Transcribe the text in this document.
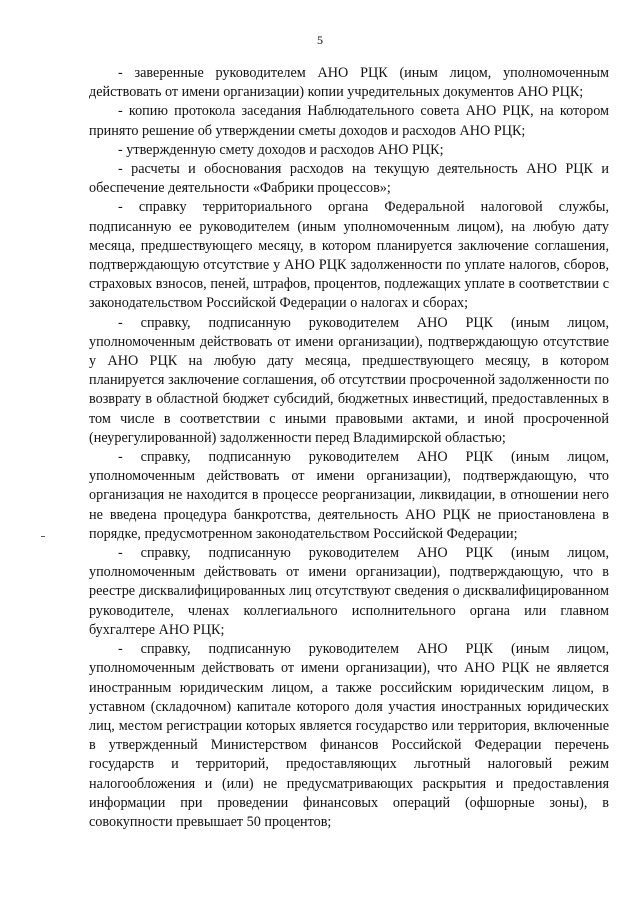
5

- заверенные руководителем АНО РЦК (иным лицом, уполномоченным действовать от имени организации) копии учредительных документов АНО РЦК;

- копию протокола заседания Наблюдательного совета АНО РЦК, на котором принято решение об утверждении сметы доходов и расходов АНО РЦК;

- утвержденную смету доходов и расходов АНО РЦК;

- расчеты и обоснования расходов на текущую деятельность АНО РЦК и обеспечение деятельности «Фабрики процессов»;

- справку территориального органа Федеральной налоговой службы, подписанную ее руководителем (иным уполномоченным лицом), на любую дату месяца, предшествующего месяцу, в котором планируется заключение соглашения, подтверждающую отсутствие у АНО РЦК задолженности по уплате налогов, сборов, страховых взносов, пеней, штрафов, процентов, подлежащих уплате в соответствии с законодательством Российской Федерации о налогах и сборах;

- справку, подписанную руководителем АНО РЦК (иным лицом, уполномоченным действовать от имени организации), подтверждающую отсутствие у АНО РЦК на любую дату месяца, предшествующего месяцу, в котором планируется заключение соглашения, об отсутствии просроченной задолженности по возврату в областной бюджет субсидий, бюджетных инвестиций, предоставленных в том числе в соответствии с иными правовыми актами, и иной просроченной (неурегулированной) задолженности перед Владимирской областью;

- справку, подписанную руководителем АНО РЦК (иным лицом, уполномоченным действовать от имени организации), подтверждающую, что организация не находится в процессе реорганизации, ликвидации, в отношении него не введена процедура банкротства, деятельность АНО РЦК не приостановлена в порядке, предусмотренном законодательством Российской Федерации;

- справку, подписанную руководителем АНО РЦК (иным лицом, уполномоченным действовать от имени организации), подтверждающую, что в реестре дисквалифицированных лиц отсутствуют сведения о дисквалифицированном руководителе, членах коллегиального исполнительного органа или главном бухгалтере АНО РЦК;

- справку, подписанную руководителем АНО РЦК (иным лицом, уполномоченным действовать от имени организации), что АНО РЦК не является иностранным юридическим лицом, а также российским юридическим лицом, в уставном (складочном) капитале которого доля участия иностранных юридических лиц, местом регистрации которых является государство или территория, включенные в утвержденный Министерством финансов Российской Федерации перечень государств и территорий, предоставляющих льготный налоговый режим налогообложения и (или) не предусматривающих раскрытия и предоставления информации при проведении финансовых операций (офшорные зоны), в совокупности превышает 50 процентов;
